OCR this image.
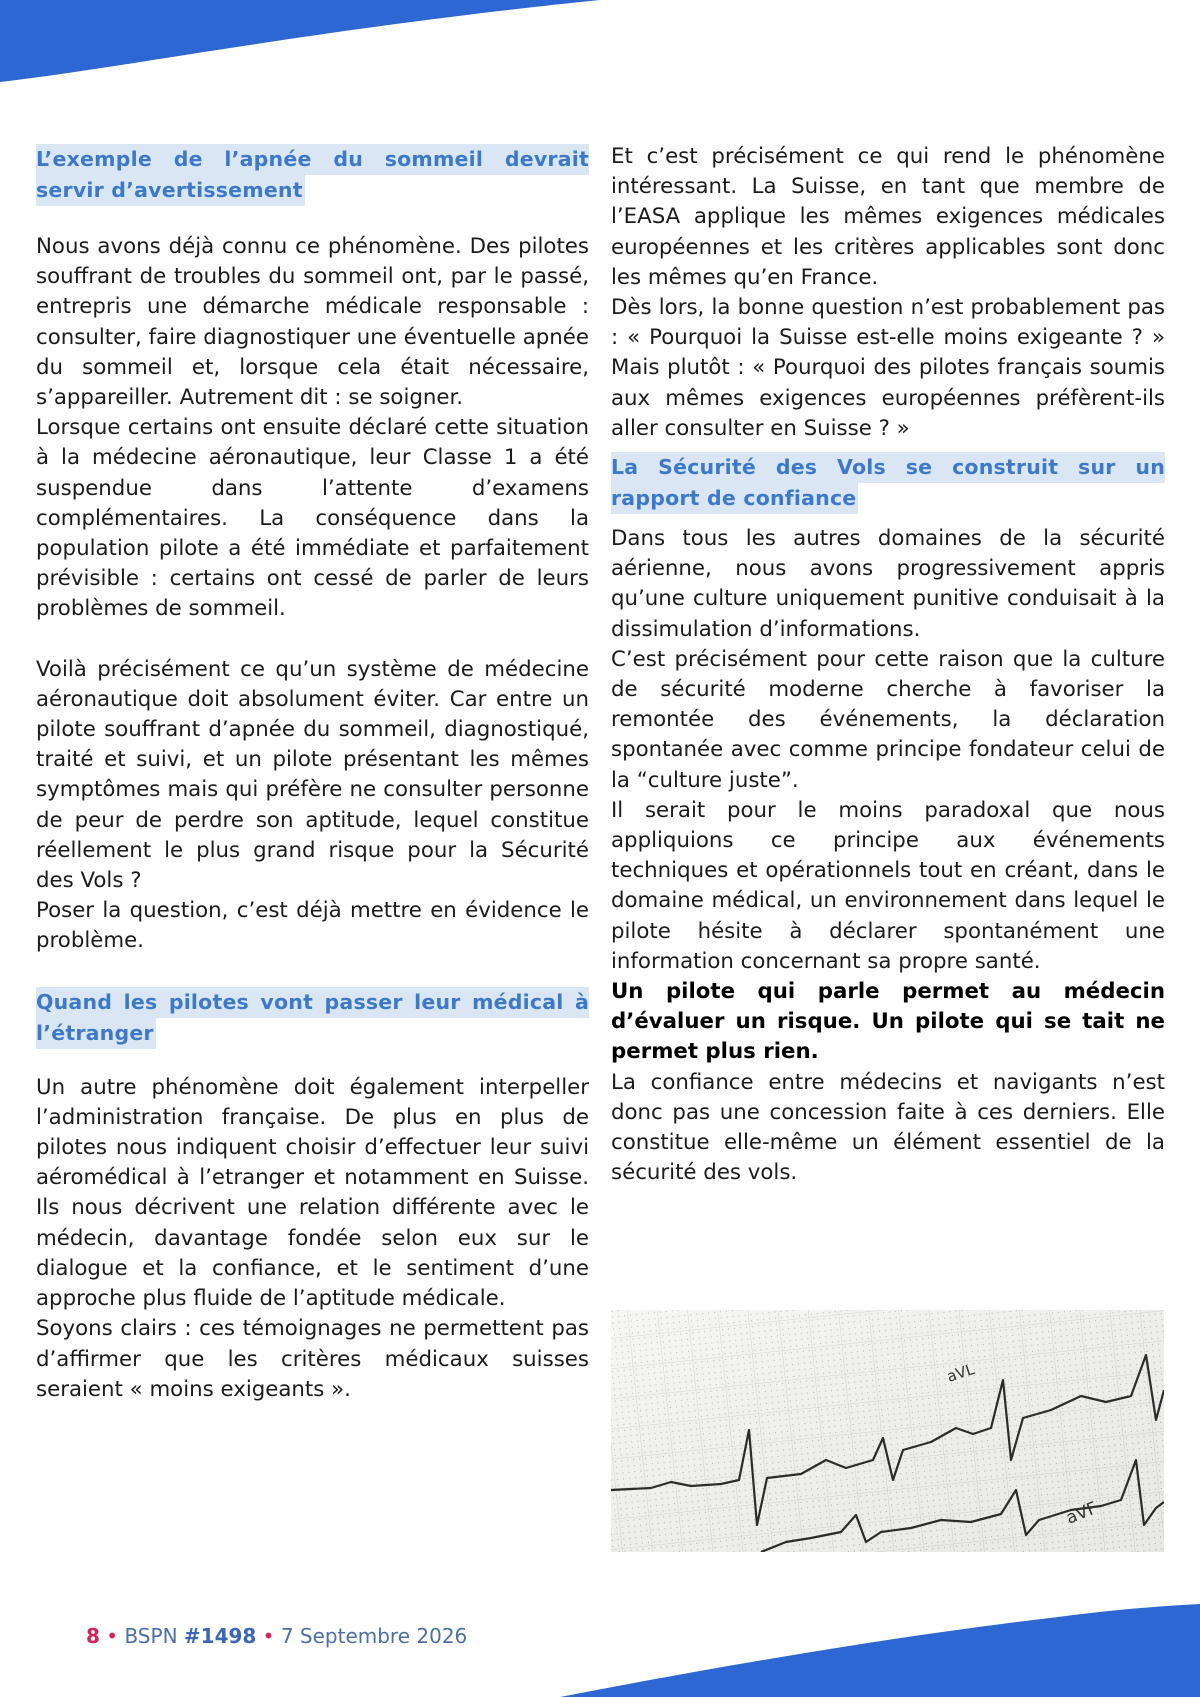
L’exemple de l’apnée du sommeil devrait
servir d’avertissement

Nous avons déjà connu ce phénomène. Des pilotes souffrant de troubles du sommeil ont, par le passé, entrepris une démarche médicale responsable : consulter, faire diagnostiquer une éventuelle apnée du sommeil et, lorsque cela était nécessaire, s’appareiller. Autrement dit : se soigner.

Lorsque certains ont ensuite déclaré cette situation à la médecine aéronautique, leur Classe 1 a été suspendue dans l’attente d’examens complémentaires. La conséquence dans la population pilote a été immédiate et parfaitement prévisible : certains ont cessé de parler de leurs problèmes de sommeil.

Voilà précisément ce qu’un système de médecine aéronautique doit absolument éviter. Car entre un pilote souffrant d’apnée du sommeil, diagnostiqué, traité et suivi, et un pilote présentant les mêmes symptômes mais qui préfère ne consulter personne de peur de perdre son aptitude, lequel constitue réellement le plus grand risque pour la Sécurité des Vols ?

Poser la question, c’est déjà mettre en évidence le problème.

Quand les pilotes vont passer leur médical à
l’étranger

Un autre phénomène doit également interpeller l’administration française. De plus en plus de pilotes nous indiquent choisir d’effectuer leur suivi aéromédical à l’etranger et notamment en Suisse. Ils nous décrivent une relation différente avec le médecin, davantage fondée selon eux sur le dialogue et la confiance, et le sentiment d’une approche plus fluide de l’aptitude médicale.

Soyons clairs : ces témoignages ne permettent pas d’affirmer que les critères médicaux suisses seraient « moins exigeants ».

Et c’est précisément ce qui rend le phénomène intéressant. La Suisse, en tant que membre de l’EASA applique les mêmes exigences médicales européennes et les critères applicables sont donc les mêmes qu’en France.

Dès lors, la bonne question n’est probablement pas : « Pourquoi la Suisse est-elle moins exigeante ? » Mais plutôt : « Pourquoi des pilotes français soumis aux mêmes exigences européennes préfèrent-ils aller consulter en Suisse ? »

La Sécurité des Vols se construit sur un
rapport de confiance

Dans tous les autres domaines de la sécurité aérienne, nous avons progressivement appris qu’une culture uniquement punitive conduisait à la dissimulation d’informations.

C’est précisément pour cette raison que la culture de sécurité moderne cherche à favoriser la remontée des événements, la déclaration spontanée avec comme principe fondateur celui de la “culture juste”.

Il serait pour le moins paradoxal que nous appliquions ce principe aux événements techniques et opérationnels tout en créant, dans le domaine médical, un environnement dans lequel le pilote hésite à déclarer spontanément une information concernant sa propre santé.

Un pilote qui parle permet au médecin d’évaluer un risque. Un pilote qui se tait ne permet plus rien.

La confiance entre médecins et navigants n’est donc pas une concession faite à ces derniers. Elle constitue elle-même un élément essentiel de la sécurité des vols.

aVL
aVF
8 • BSPN #1498 • 7 Septembre 2026
